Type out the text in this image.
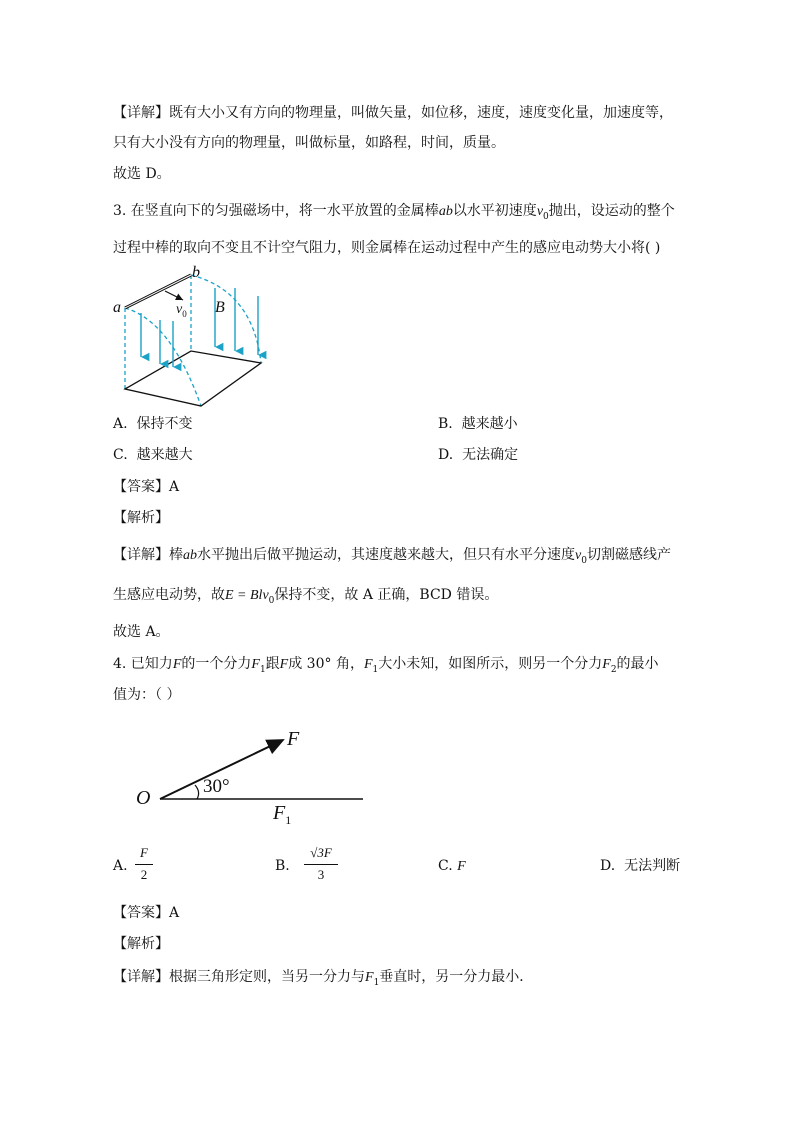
【详解】既有大小又有方向的物理量，叫做矢量，如位移，速度，速度变化量，加速度等，
只有大小没有方向的物理量，叫做标量，如路程，时间，质量。
故选 D。
3. 在竖直向下的匀强磁场中，将一水平放置的金属棒ab以水平初速度$v_0$抛出，设运动的整个
过程中棒的取向不变且不计空气阻力，则金属棒在运动过程中产生的感应电动势大小将( )
a
b
$v_0$ B
A. 保持不变	B. 越来越小
C. 越来越大	D. 无法确定
【答案】A
【解析】
【详解】棒ab水平抛出后做平抛运动，其速度越来越大，但只有水平分速度$v_0$切割磁感线产
生感应电动势，故E = Blv$_0$保持不变，故 A 正确，BCD 错误。
故选 A。
4. 已知力F的一个分力$F_1$跟F成 30° 角，$F_1$大小未知，如图所示，则另一个分力$F_2$的最小
值为：（ ）
O
F
30°
$F_1$
A.
F
2
B.
√3F
3
C. F	D. 无法判断
【答案】A
【解析】
【详解】根据三角形定则，当另一分力与$F_1$垂直时，另一分力最小．
